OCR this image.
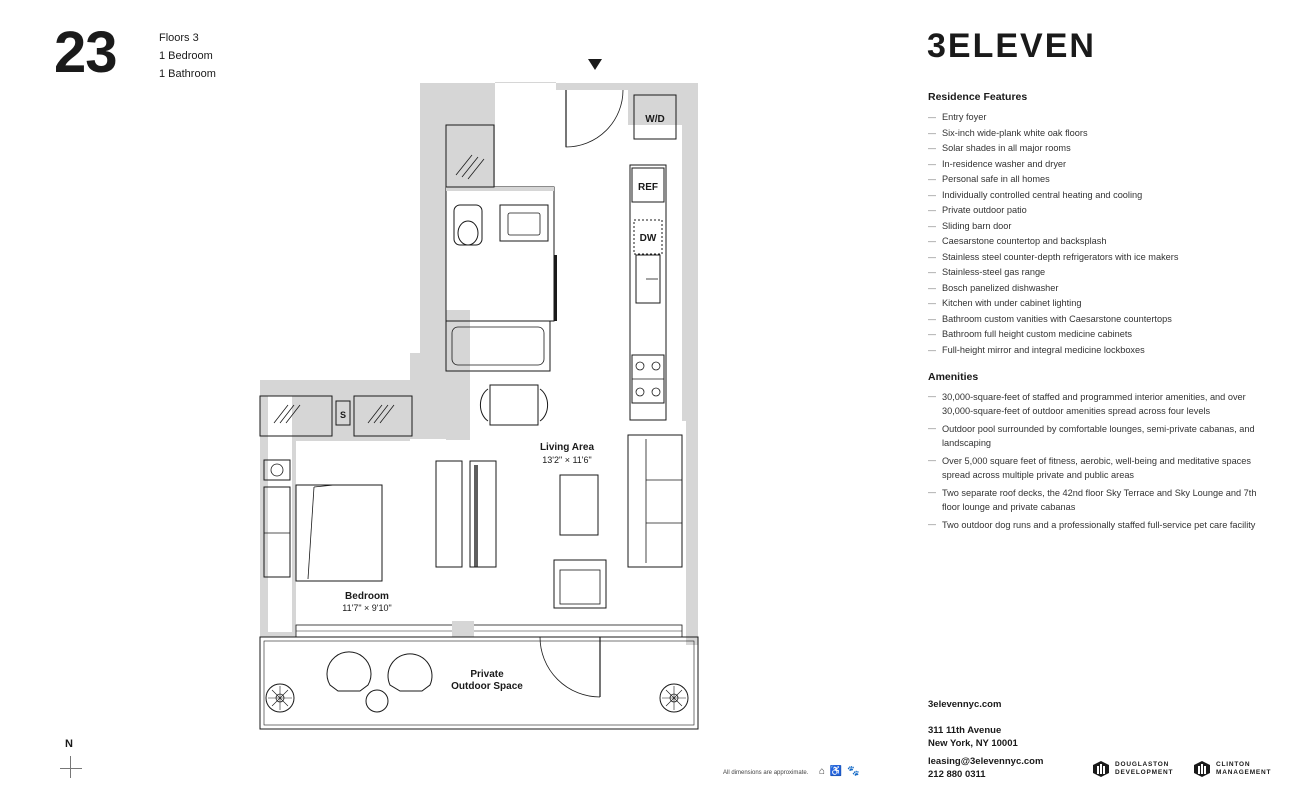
23	Floors 3
1 Bedroom
1 Bathroom
W/D
REF
DW
Living Area
13'2" × 11'6"
S
Bedroom
11'7" × 9'10"
Private
Outdoor Space
3ELEVEN
Residence Features
— Entry foyer
— Six-inch wide-plank white oak floors
— Solar shades in all major rooms
— In-residence washer and dryer
— Personal safe in all homes
— Individually controlled central heating and cooling
— Private outdoor patio
— Sliding barn door
— Caesarstone countertop and backsplash
— Stainless steel counter-depth refrigerators with ice makers
— Stainless-steel gas range
— Bosch panelized dishwasher
— Kitchen with under cabinet lighting
— Bathroom custom vanities with Caesarstone countertops
— Bathroom full height custom medicine cabinets
— Full-height mirror and integral medicine lockboxes
Amenities
— 30,000-square-feet of staffed and programmed interior amenities, and over 30,000-square-feet of outdoor amenities spread across four levels
— Outdoor pool surrounded by comfortable lounges, semi-private cabanas, and landscaping
— Over 5,000 square feet of fitness, aerobic, well-being and meditative spaces spread across multiple private and public areas
— Two separate roof decks, the 42nd floor Sky Terrace and Sky Lounge and 7th floor lounge and private cabanas
— Two outdoor dog runs and a professionally staffed full-service pet care facility
3elevennyc.com
311 11th Avenue
New York, NY 10001
leasing@3elevennyc.com
212 880 0311
N
All dimensions are approximate. ⌂ ♿ 🐾
DOUGLASTON
DEVELOPMENT
CLINTON
MANAGEMENT
